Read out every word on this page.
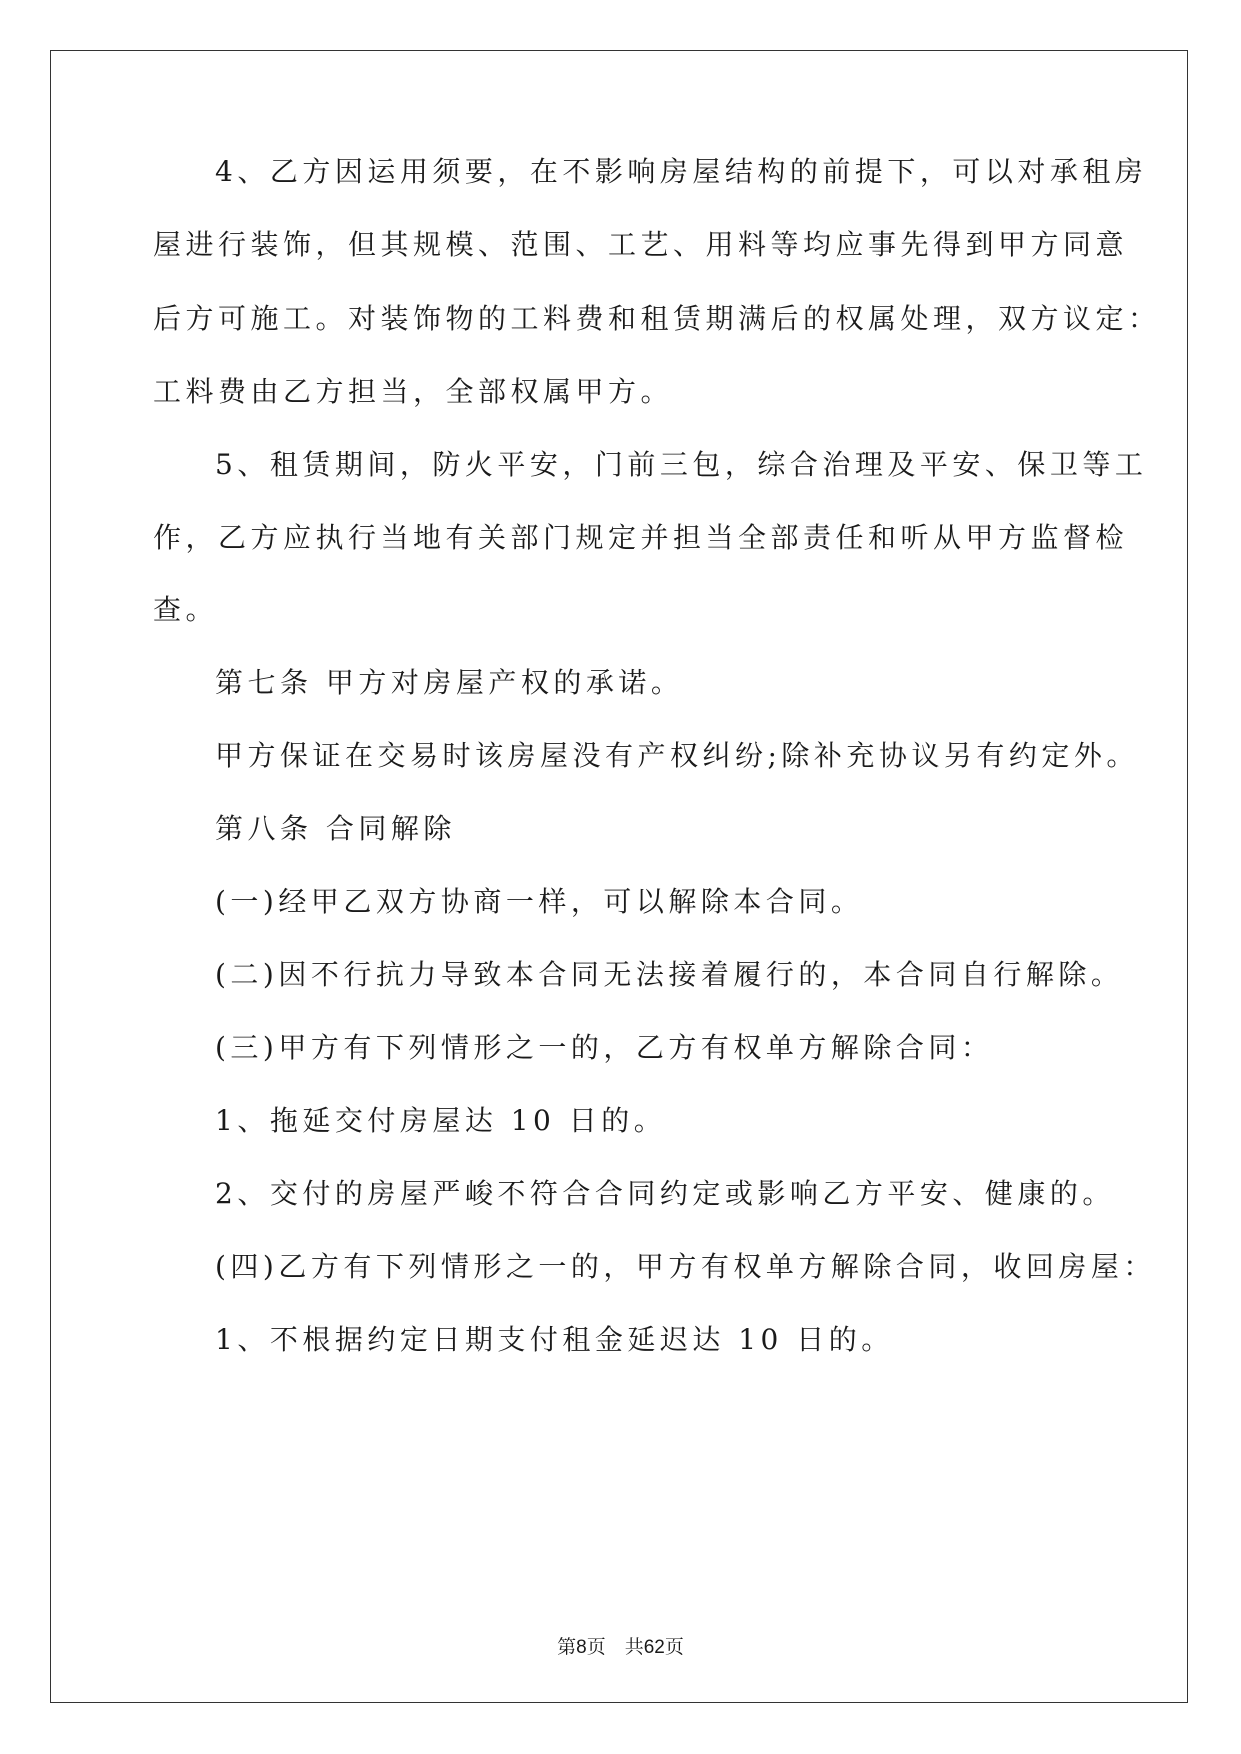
4、乙方因运用须要，在不影响房屋结构的前提下，可以对承租房
屋进行装饰，但其规模、范围、工艺、用料等均应事先得到甲方同意
后方可施工。对装饰物的工料费和租赁期满后的权属处理，双方议定：
工料费由乙方担当，全部权属甲方。
5、租赁期间，防火平安，门前三包，综合治理及平安、保卫等工
作，乙方应执行当地有关部门规定并担当全部责任和听从甲方监督检
查。
第七条 甲方对房屋产权的承诺。
甲方保证在交易时该房屋没有产权纠纷;除补充协议另有约定外。
第八条 合同解除
(一)经甲乙双方协商一样，可以解除本合同。
(二)因不行抗力导致本合同无法接着履行的，本合同自行解除。
(三)甲方有下列情形之一的，乙方有权单方解除合同：
1、拖延交付房屋达 10 日的。
2、交付的房屋严峻不符合合同约定或影响乙方平安、健康的。
(四)乙方有下列情形之一的，甲方有权单方解除合同，收回房屋：
1、不根据约定日期支付租金延迟达 10 日的。
第8页 共62页
